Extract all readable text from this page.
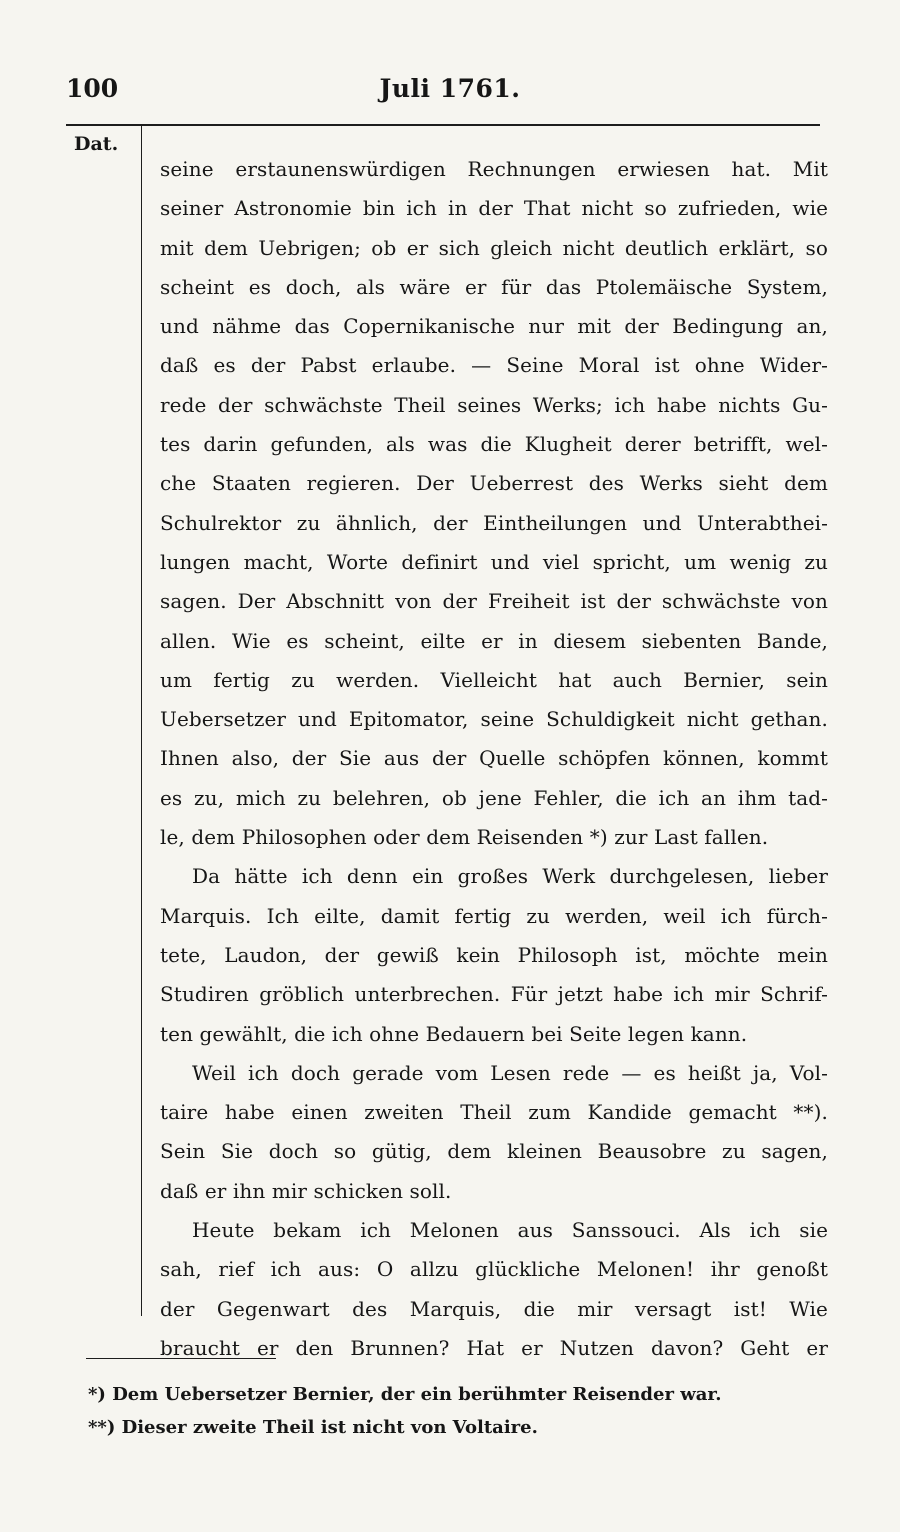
100	Juli 1761.
Dat.
seine erstaunenswürdigen Rechnungen erwiesen hat. Mit
seiner Astronomie bin ich in der That nicht so zufrieden, wie
mit dem Uebrigen; ob er sich gleich nicht deutlich erklärt, so
scheint es doch, als wäre er für das Ptolemäische System,
und nähme das Copernikanische nur mit der Bedingung an,
daß es der Pabst erlaube. — Seine Moral ist ohne Wider-
rede der schwächste Theil seines Werks; ich habe nichts Gu-
tes darin gefunden, als was die Klugheit derer betrifft, wel-
che Staaten regieren. Der Ueberrest des Werks sieht dem
Schulrektor zu ähnlich, der Eintheilungen und Unterabthei-
lungen macht, Worte definirt und viel spricht, um wenig zu
sagen. Der Abschnitt von der Freiheit ist der schwächste von
allen. Wie es scheint, eilte er in diesem siebenten Bande,
um fertig zu werden. Vielleicht hat auch Bernier, sein
Uebersetzer und Epitomator, seine Schuldigkeit nicht gethan.
Ihnen also, der Sie aus der Quelle schöpfen können, kommt
es zu, mich zu belehren, ob jene Fehler, die ich an ihm tad-
le, dem Philosophen oder dem Reisenden *) zur Last fallen.
Da hätte ich denn ein großes Werk durchgelesen, lieber
Marquis. Ich eilte, damit fertig zu werden, weil ich fürch-
tete, Laudon, der gewiß kein Philosoph ist, möchte mein
Studiren gröblich unterbrechen. Für jetzt habe ich mir Schrif-
ten gewählt, die ich ohne Bedauern bei Seite legen kann.
Weil ich doch gerade vom Lesen rede — es heißt ja, Vol-
taire habe einen zweiten Theil zum Kandide gemacht **).
Sein Sie doch so gütig, dem kleinen Beausobre zu sagen,
daß er ihn mir schicken soll.
Heute bekam ich Melonen aus Sanssouci. Als ich sie
sah, rief ich aus: O allzu glückliche Melonen! ihr genoßt
der Gegenwart des Marquis, die mir versagt ist! Wie
braucht er den Brunnen? Hat er Nutzen davon? Geht er
*) Dem Uebersetzer Bernier, der ein berühmter Reisender war.
**) Dieser zweite Theil ist nicht von Voltaire.
